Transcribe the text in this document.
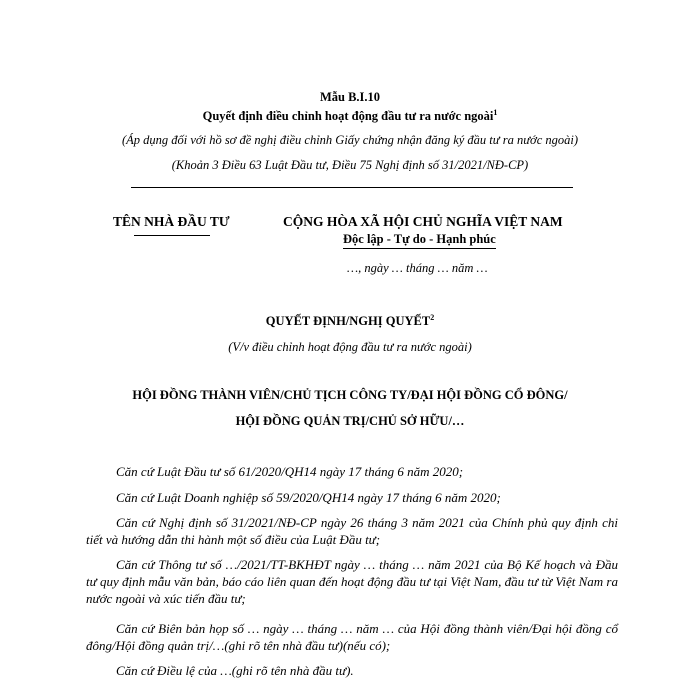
Mẫu B.I.10
Quyết định điều chỉnh hoạt động đầu tư ra nước ngoài$^1$
(Áp dụng đối với hồ sơ đề nghị điều chỉnh Giấy chứng nhận đăng ký đầu tư ra nước ngoài)
(Khoản 3 Điều 63 Luật Đầu tư, Điều 75 Nghị định số 31/2021/NĐ-CP)
TÊN NHÀ ĐẦU TƯ	CỘNG HÒA XÃ HỘI CHỦ NGHĨA VIỆT NAM
Độc lập - Tự do - Hạnh phúc
…, ngày … tháng … năm …
QUYẾT ĐỊNH/NGHỊ QUYẾT$^2$
(V/v điều chỉnh hoạt động đầu tư ra nước ngoài)
HỘI ĐỒNG THÀNH VIÊN/CHỦ TỊCH CÔNG TY/ĐẠI HỘI ĐỒNG CỔ ĐÔNG/
HỘI ĐỒNG QUẢN TRỊ/CHỦ SỞ HỮU/…
Căn cứ Luật Đầu tư số 61/2020/QH14 ngày 17 tháng 6 năm 2020;
Căn cứ Luật Doanh nghiệp số 59/2020/QH14 ngày 17 tháng 6 năm 2020;
Căn cứ Nghị định số 31/2021/NĐ-CP ngày 26 tháng 3 năm 2021 của Chính phủ quy định chi tiết và hướng dẫn thi hành một số điều của Luật Đầu tư;
Căn cứ Thông tư số …/2021/TT-BKHĐT ngày … tháng … năm 2021 của Bộ Kế hoạch và Đầu tư quy định mẫu văn bản, báo cáo liên quan đến hoạt động đầu tư tại Việt Nam, đầu tư từ Việt Nam ra nước ngoài và xúc tiến đầu tư;
Căn cứ Biên bản họp số … ngày … tháng … năm … của Hội đồng thành viên/Đại hội đồng cổ đông/Hội đồng quản trị/…(ghi rõ tên nhà đầu tư)(nếu có);
Căn cứ Điều lệ của …(ghi rõ tên nhà đầu tư).
